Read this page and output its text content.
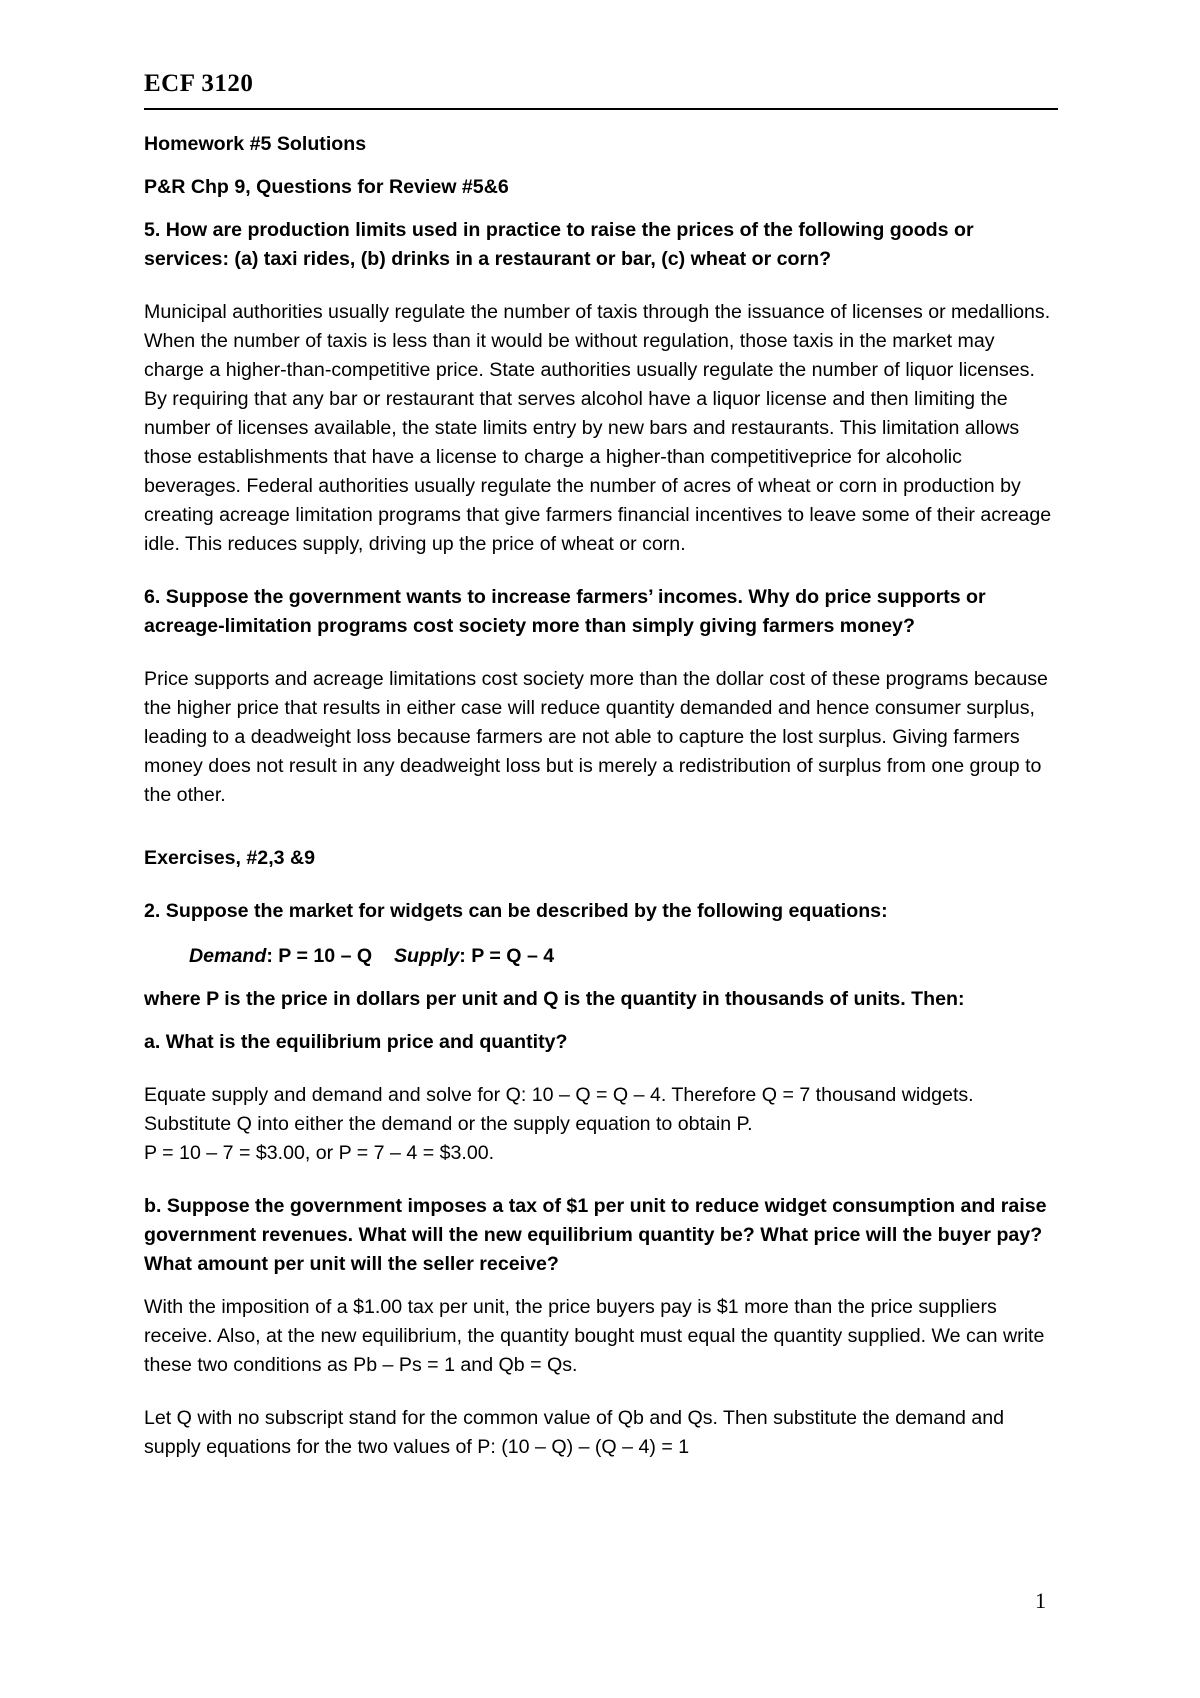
ECF 3120

Homework #5 Solutions

P&R Chp 9, Questions for Review #5&6

5. How are production limits used in practice to raise the prices of the following goods or services: (a) taxi rides, (b) drinks in a restaurant or bar, (c) wheat or corn?

Municipal authorities usually regulate the number of taxis through the issuance of licenses or medallions. When the number of taxis is less than it would be without regulation, those taxis in the market may charge a higher-than-competitive price. State authorities usually regulate the number of liquor licenses. By requiring that any bar or restaurant that serves alcohol have a liquor license and then limiting the number of licenses available, the state limits entry by new bars and restaurants. This limitation allows those establishments that have a license to charge a higher-than competitiveprice for alcoholic beverages. Federal authorities usually regulate the number of acres of wheat or corn in production by creating acreage limitation programs that give farmers financial incentives to leave some of their acreage idle. This reduces supply, driving up the price of wheat or corn.

6. Suppose the government wants to increase farmers’ incomes. Why do price supports or acreage-limitation programs cost society more than simply giving farmers money?

Price supports and acreage limitations cost society more than the dollar cost of these programs because the higher price that results in either case will reduce quantity demanded and hence consumer surplus, leading to a deadweight loss because farmers are not able to capture the lost surplus. Giving farmers money does not result in any deadweight loss but is merely a redistribution of surplus from one group to the other.

Exercises, #2,3 &9

2. Suppose the market for widgets can be described by the following equations:

Demand: P = 10 – Q Supply: P = Q – 4

where P is the price in dollars per unit and Q is the quantity in thousands of units. Then:

a. What is the equilibrium price and quantity?

Equate supply and demand and solve for Q: 10 – Q = Q – 4. Therefore Q = 7 thousand widgets. Substitute Q into either the demand or the supply equation to obtain P.

P = 10 – 7 = $3.00, or P = 7 – 4 = $3.00.

b. Suppose the government imposes a tax of $1 per unit to reduce widget consumption and raise government revenues. What will the new equilibrium quantity be? What price will the buyer pay? What amount per unit will the seller receive?

With the imposition of a $1.00 tax per unit, the price buyers pay is $1 more than the price suppliers receive. Also, at the new equilibrium, the quantity bought must equal the quantity supplied. We can write these two conditions as Pb – Ps = 1 and Qb = Qs.

Let Q with no subscript stand for the common value of Qb and Qs. Then substitute the demand and supply equations for the two values of P: (10 – Q) – (Q – 4) = 1

1
